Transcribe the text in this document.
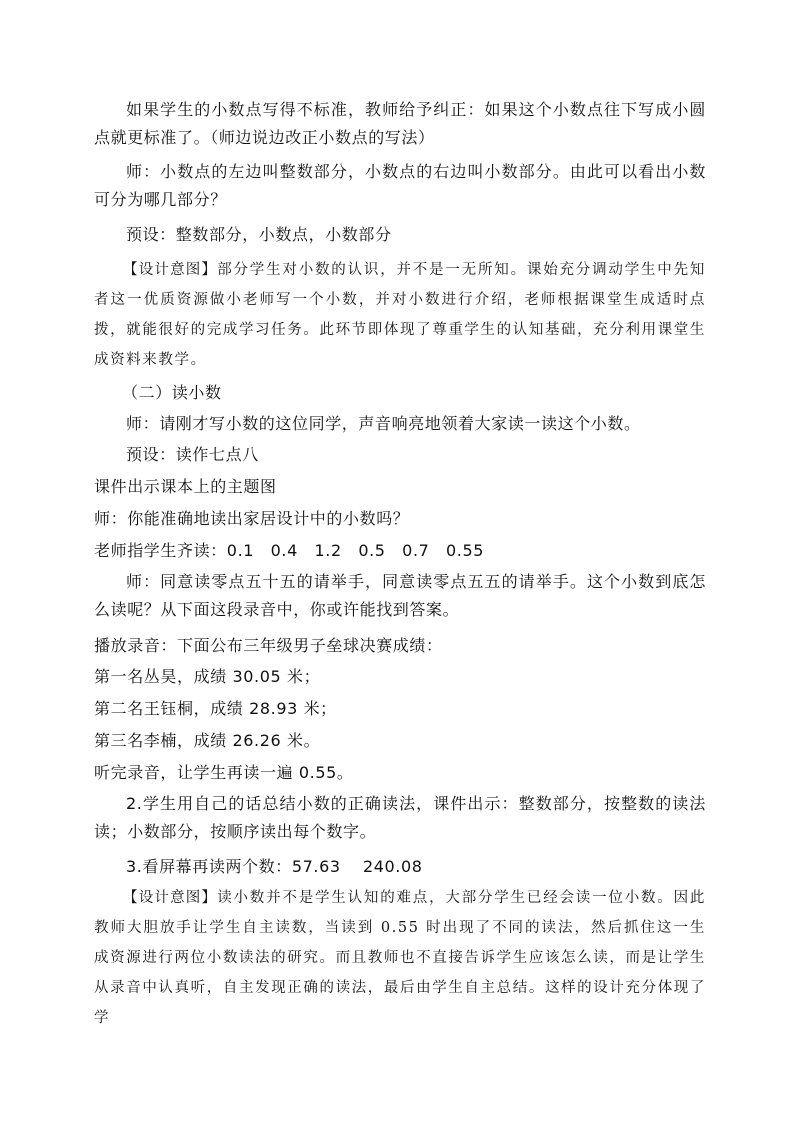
如果学生的小数点写得不标准，教师给予纠正：如果这个小数点往下写成小圆点就更标准了。（师边说边改正小数点的写法）

师：小数点的左边叫整数部分，小数点的右边叫小数部分。由此可以看出小数可分为哪几部分？

预设：整数部分，小数点，小数部分

【设计意图】部分学生对小数的认识，并不是一无所知。课始充分调动学生中先知者这一优质资源做小老师写一个小数，并对小数进行介绍，老师根据课堂生成适时点拨，就能很好的完成学习任务。此环节即体现了尊重学生的认知基础，充分利用课堂生成资料来教学。

（二）读小数

师：请刚才写小数的这位同学，声音响亮地领着大家读一读这个小数。

预设：读作七点八

课件出示课本上的主题图

师：你能准确地读出家居设计中的小数吗？

老师指学生齐读：0.1　0.4　1.2　0.5　0.7　0.55

师：同意读零点五十五的请举手，同意读零点五五的请举手。这个小数到底怎么读呢？从下面这段录音中，你或许能找到答案。

播放录音：下面公布三年级男子垒球决赛成绩：

第一名丛昊，成绩 30.05 米；

第二名王钰桐，成绩 28.93 米；

第三名李楠，成绩 26.26 米。

听完录音，让学生再读一遍 0.55。

2.学生用自己的话总结小数的正确读法，课件出示：整数部分，按整数的读法读；小数部分，按顺序读出每个数字。

3.看屏幕再读两个数：57.63　 240.08

【设计意图】读小数并不是学生认知的难点，大部分学生已经会读一位小数。因此教师大胆放手让学生自主读数，当读到 0.55 时出现了不同的读法，然后抓住这一生成资源进行两位小数读法的研究。而且教师也不直接告诉学生应该怎么读，而是让学生从录音中认真听，自主发现正确的读法，最后由学生自主总结。这样的设计充分体现了学
